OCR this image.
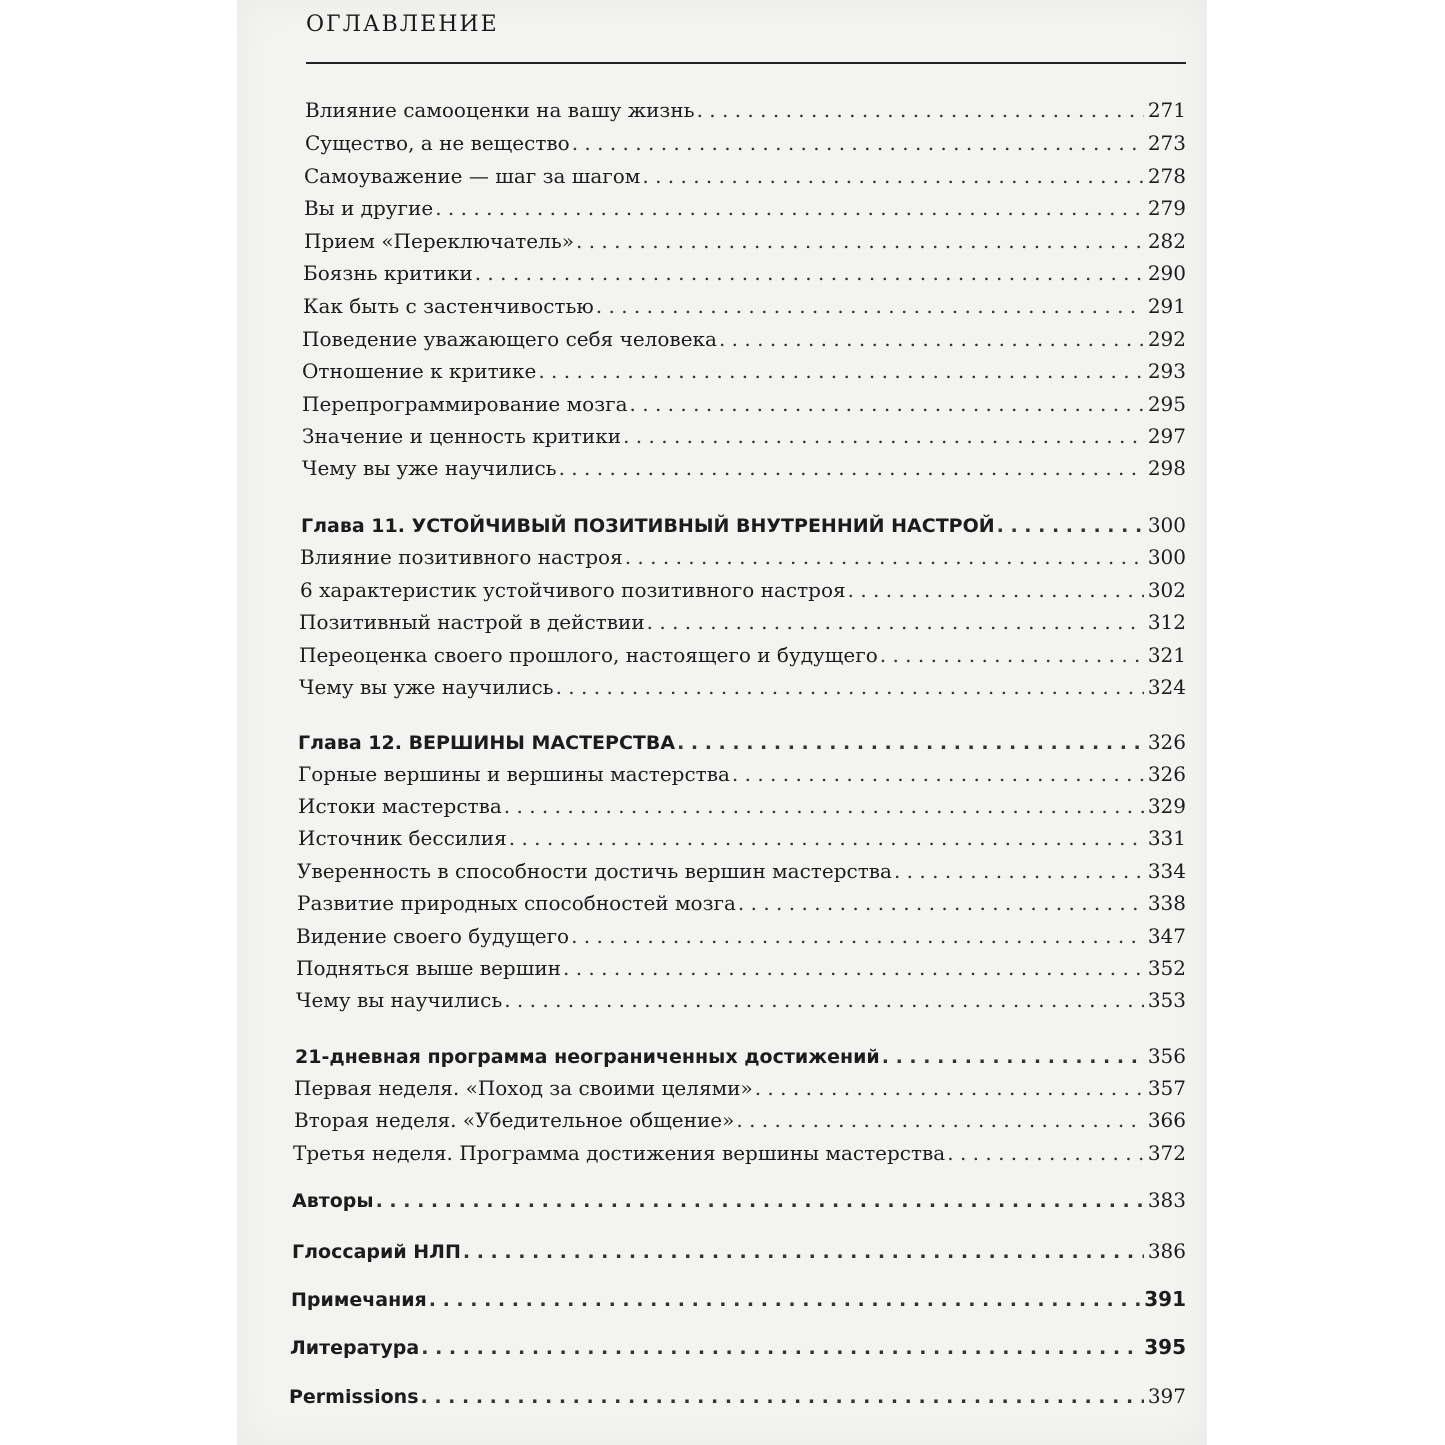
ОГЛАВЛЕНИЕ
Влияние самооценки на вашу жизнь . . .	271
Существо, а не вещество . . .	273
Самоуважение — шаг за шагом . . .	278
Вы и другие . . .	279
Прием «Переключатель» . . .	282
Боязнь критики . . .	290
Как быть с застенчивостью . . .	291
Поведение уважающего себя человека . . .	292
Отношение к критике . . .	293
Перепрограммирование мозга . . .	295
Значение и ценность критики . . .	297
Чему вы уже научились . . .	298
Глава 11. УСТОЙЧИВЫЙ ПОЗИТИВНЫЙ ВНУТРЕННИЙ НАСТРОЙ . . .	300
Влияние позитивного настроя . . .	300
6 характеристик устойчивого позитивного настроя . . .	302
Позитивный настрой в действии . . .	312
Переоценка своего прошлого, настоящего и будущего . . .	321
Чему вы уже научились . . .	324
Глава 12. ВЕРШИНЫ МАСТЕРСТВА . . .	326
Горные вершины и вершины мастерства . . .	326
Истоки мастерства . . .	329
Источник бессилия . . .	331
Уверенность в способности достичь вершин мастерства . . .	334
Развитие природных способностей мозга . . .	338
Видение своего будущего . . .	347
Подняться выше вершин . . .	352
Чему вы научились . . .	353
21-дневная программа неограниченных достижений . . .	356
Первая неделя. «Поход за своими целями» . . .	357
Вторая неделя. «Убедительное общение» . . .	366
Третья неделя. Программа достижения вершины мастерства . . .	372
Авторы . . .	383
Глоссарий НЛП . . .	386
Примечания . . .	391
Литература . . .	395
Permissions . . .	397
